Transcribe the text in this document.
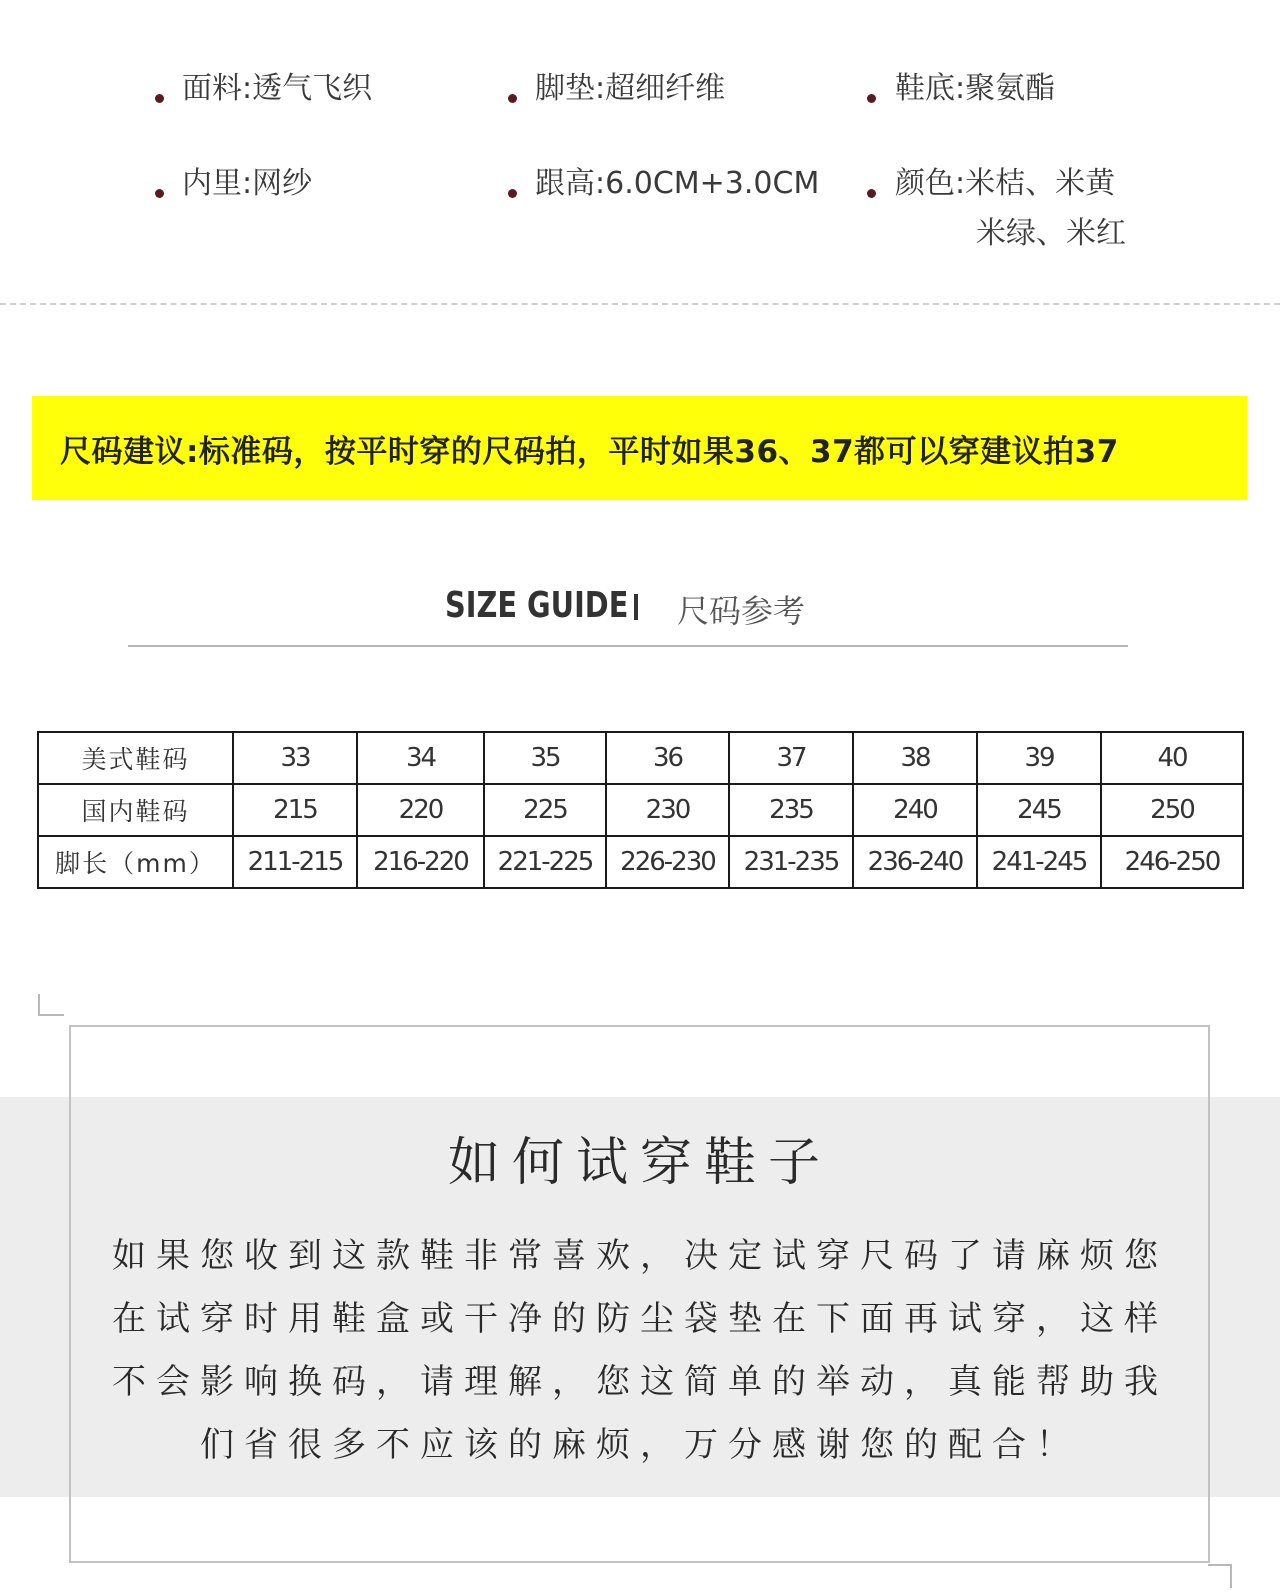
面料:透气飞织	脚垫:超细纤维	鞋底:聚氨酯
内里:网纱	跟高:6.0CM+3.0CM	颜色:米桔、米黄
米绿、米红
尺码建议:标准码，按平时穿的尺码拍，平时如果36、37都可以穿建议拍37
SIZE GUIDE 尺码参考
美式鞋码	33	34	35	36	37	38	39	40
国内鞋码	215	220	225	230	235	240	245	250
脚长（mm）	211-215	216-220	221-225	226-230	231-235	236-240	241-245	246-250
如何试穿鞋子
如果您收到这款鞋非常喜欢，决定试穿尺码了请麻烦您
在试穿时用鞋盒或干净的防尘袋垫在下面再试穿，这样
不会影响换码，请理解，您这简单的举动，真能帮助我
们省很多不应该的麻烦，万分感谢您的配合！
